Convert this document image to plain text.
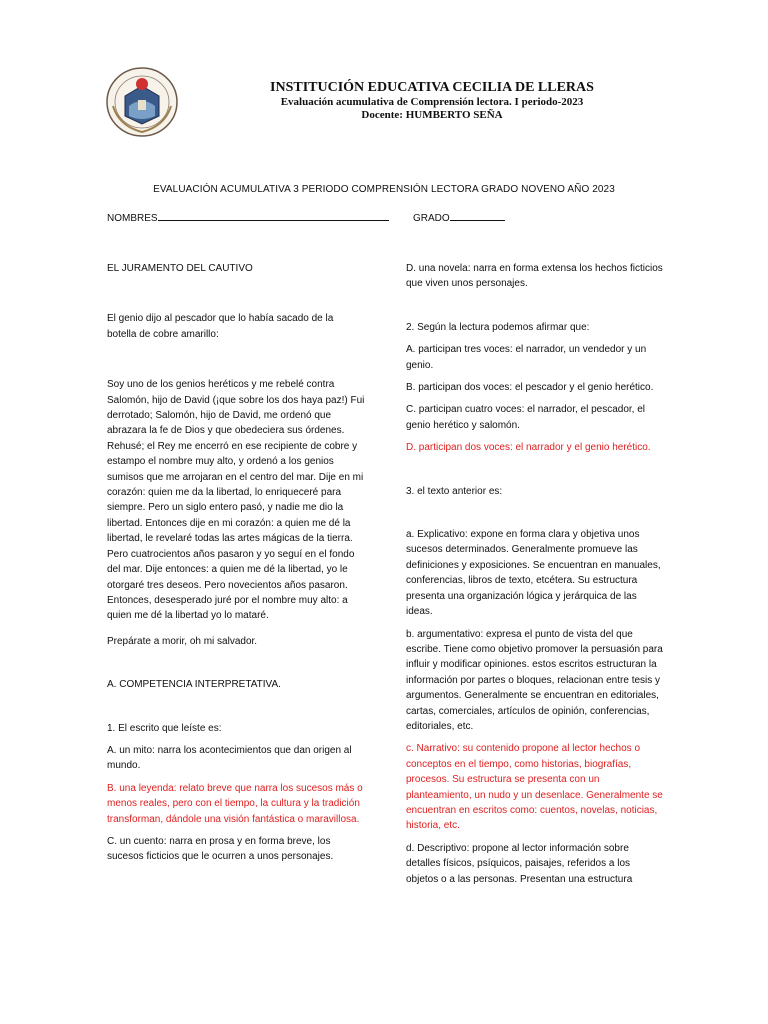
INSTITUCIÓN EDUCATIVA CECILIA DE LLERAS
Evaluación acumulativa de Comprensión lectora. I periodo-2023
Docente: HUMBERTO SEÑA
EVALUACIÓN ACUMULATIVA 3 PERIODO COMPRENSIÓN LECTORA GRADO NOVENO AÑO 2023
NOMBRES	GRADO

EL JURAMENTO DEL CAUTIVO

El genio dijo al pescador que lo había sacado de la botella de cobre amarillo:

Soy uno de los genios heréticos y me rebelé contra Salomón, hijo de David (¡que sobre los dos haya paz!) Fui derrotado; Salomón, hijo de David, me ordenó que abrazara la fe de Dios y que obedeciera sus órdenes. Rehusé; el Rey me encerró en ese recipiente de cobre y estampo el nombre muy alto, y ordenó a los genios sumisos que me arrojaran en el centro del mar. Dije en mi corazón: quien me da la libertad, lo enriqueceré para siempre. Pero un siglo entero pasó, y nadie me dio la libertad. Entonces dije en mi corazón: a quien me dé la libertad, le revelaré todas las artes mágicas de la tierra. Pero cuatrocientos años pasaron y yo seguí en el fondo del mar. Dije entonces: a quien me dé la libertad, yo le otorgaré tres deseos. Pero novecientos años pasaron. Entonces, desesperado juré por el nombre muy alto: a quien me dé la libertad yo lo mataré.

Prepárate a morir, oh mi salvador.

A. COMPETENCIA INTERPRETATIVA.

1. El escrito que leíste es:

A. un mito: narra los acontecimientos que dan origen al mundo.

B. una leyenda: relato breve que narra los sucesos más o menos reales, pero con el tiempo, la cultura y la tradición transforman, dándole una visión fantástica o maravillosa.

C. un cuento: narra en prosa y en forma breve, los sucesos ficticios que le ocurren a unos personajes.

D. una novela: narra en forma extensa los hechos ficticios que viven unos personajes.

2. Según la lectura podemos afirmar que:

A. participan tres voces: el narrador, un vendedor y un genio.

B. participan dos voces: el pescador y el genio herético.

C. participan cuatro voces: el narrador, el pescador, el genio herético y salomón.

D. participan dos voces: el narrador y el genio herético.

3. el texto anterior es:

a. Explicativo: expone en forma clara y objetiva unos sucesos determinados. Generalmente promueve las definiciones y exposiciones. Se encuentran en manuales, conferencias, libros de texto, etcétera. Su estructura presenta una organización lógica y jerárquica de las ideas.

b. argumentativo: expresa el punto de vista del que escribe. Tiene como objetivo promover la persuasión para influir y modificar opiniones. estos escritos estructuran la información por partes o bloques, relacionan entre tesis y argumentos. Generalmente se encuentran en editoriales, cartas, comerciales, artículos de opinión, conferencias, editoriales, etc.

c. Narrativo: su contenido propone al lector hechos o conceptos en el tiempo, como historias, biografías, procesos. Su estructura se presenta con un planteamiento, un nudo y un desenlace. Generalmente se encuentran en escritos como: cuentos, novelas, noticias, historia, etc.

d. Descriptivo: propone al lector información sobre detalles físicos, psíquicos, paisajes, referidos a los objetos o a las personas. Presentan una estructura
